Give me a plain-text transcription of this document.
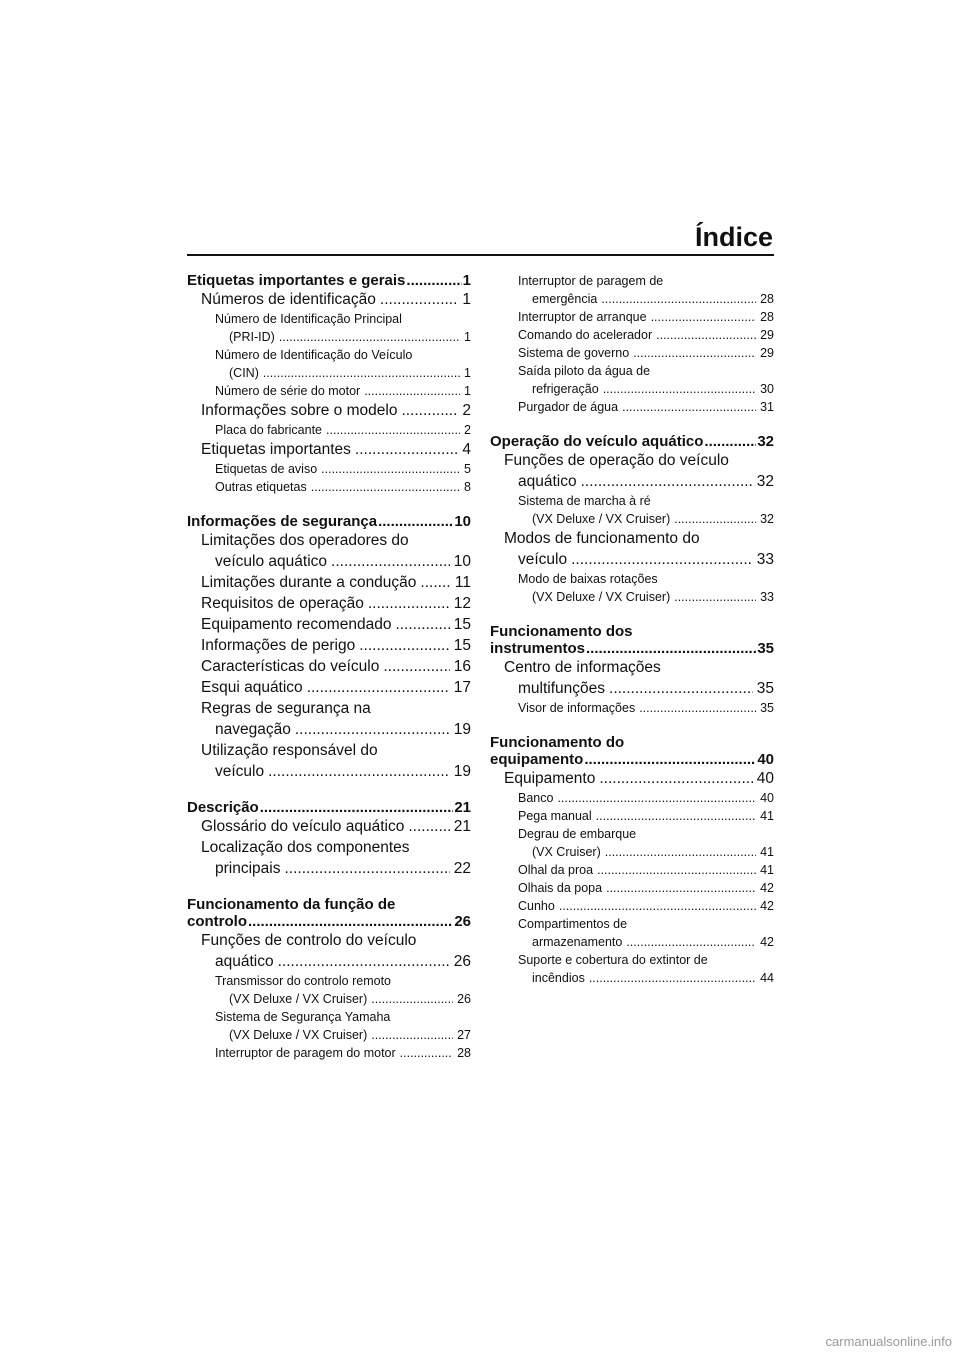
Índice
Etiquetas importantes e gerais .....	1
Números de identificação .....	1
Número de Identificação Principal
(PRI-ID) .....	1
Número de Identificação do Veículo
(CIN) .....	1
Número de série do motor .....	1
Informações sobre o modelo .....	2
Placa do fabricante .....	2
Etiquetas importantes .....	4
Etiquetas de aviso .....	5
Outras etiquetas .....	8
Informações de segurança .....	10
Limitações dos operadores do
veículo aquático .....	10
Limitações durante a condução ..... 11
Requisitos de operação .....	12
Equipamento recomendado .....	15
Informações de perigo .....	15
Características do veículo .....	16
Esqui aquático .....	17
Regras de segurança na
navegação .....	19
Utilização responsável do
veículo .....	19
Descrição .....	21
Glossário do veículo aquático .....	21
Localização dos componentes
principais .....	22
Funcionamento da função de
controlo .....	26
Funções de controlo do veículo
aquático .....	26
Transmissor do controlo remoto
(VX Deluxe / VX Cruiser) .....	26
Sistema de Segurança Yamaha
(VX Deluxe / VX Cruiser) .....	27
Interruptor de paragem do motor .....	28
Interruptor de paragem de
emergência .....	28
Interruptor de arranque .....	28
Comando do acelerador .....	29
Sistema de governo .....	29
Saída piloto da água de
refrigeração .....	30
Purgador de água .....	31
Operação do veículo aquático .....	32
Funções de operação do veículo
aquático .....	32
Sistema de marcha à ré
(VX Deluxe / VX Cruiser) .....	32
Modos de funcionamento do
veículo .....	33
Modo de baixas rotações
(VX Deluxe / VX Cruiser) .....	33
Funcionamento dos
instrumentos .....	35
Centro de informações
multifunções .....	35
Visor de informações .....	35
Funcionamento do
equipamento .....	40
Equipamento .....	40
Banco .....	40
Pega manual .....	41
Degrau de embarque
(VX Cruiser) .....	41
Olhal da proa .....	41
Olhais da popa .....	42
Cunho .....	42
Compartimentos de
armazenamento .....	42
Suporte e cobertura do extintor de
incêndios .....	44
carmanualsonline.info
